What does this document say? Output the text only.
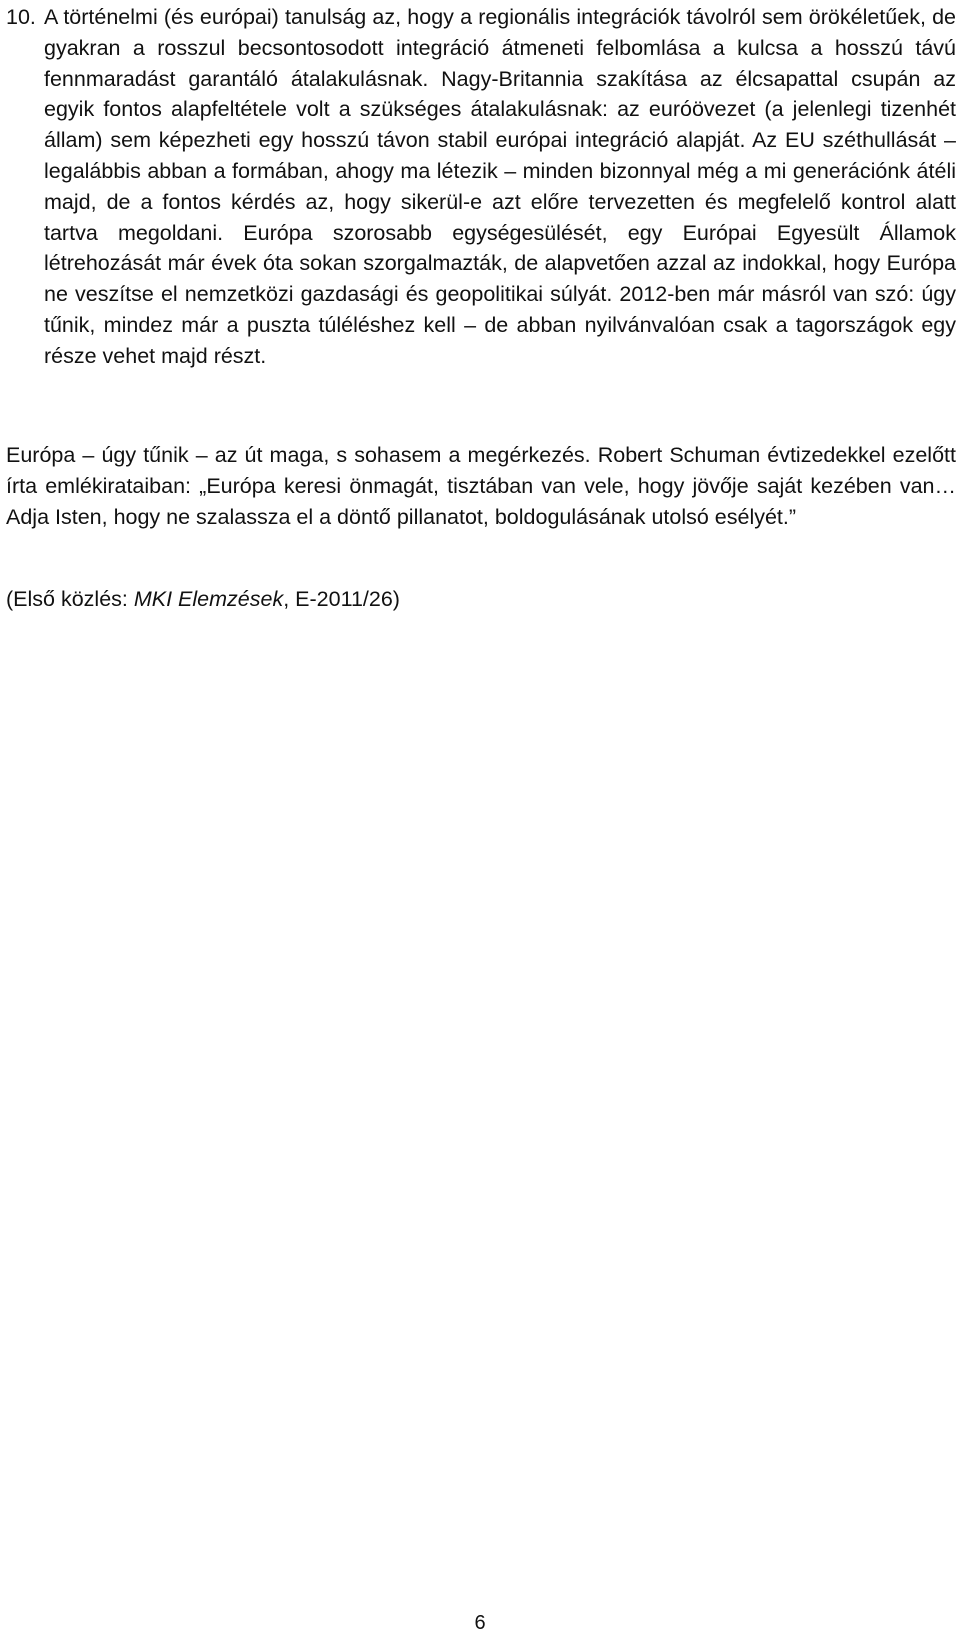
10. A történelmi (és európai) tanulság az, hogy a regionális integrációk távolról sem örökéletűek, de gyakran a rosszul becsontosodott integráció átmeneti felbomlása a kulcsa a hosszú távú fennmaradást garantáló átalakulásnak. Nagy-Britannia szakítása az élcsapattal csupán az egyik fontos alapfeltétele volt a szükséges átalakulásnak: az euróövezet (a jelenlegi tizenhét állam) sem képezheti egy hosszú távon stabil európai integráció alapját. Az EU széthullását – legalábbis abban a formában, ahogy ma létezik – minden bizonnyal még a mi generációnk átéli majd, de a fontos kérdés az, hogy sikerül-e azt előre tervezetten és megfelelő kontrol alatt tartva megoldani. Európa szorosabb egységesülését, egy Európai Egyesült Államok létrehozását már évek óta sokan szorgalmazták, de alapvetően azzal az indokkal, hogy Európa ne veszítse el nemzetközi gazdasági és geopolitikai súlyát. 2012-ben már másról van szó: úgy tűnik, mindez már a puszta túléléshez kell – de abban nyilvánvalóan csak a tagországok egy része vehet majd részt.

Európa – úgy tűnik – az út maga, s sohasem a megérkezés. Robert Schuman évtizedekkel ezelőtt írta emlékirataiban: „Európa keresi önmagát, tisztában van vele, hogy jövője saját kezében van… Adja Isten, hogy ne szalassza el a döntő pillanatot, boldogulásának utolsó esélyét.”

(Első közlés: MKI Elemzések, E-2011/26)

6
